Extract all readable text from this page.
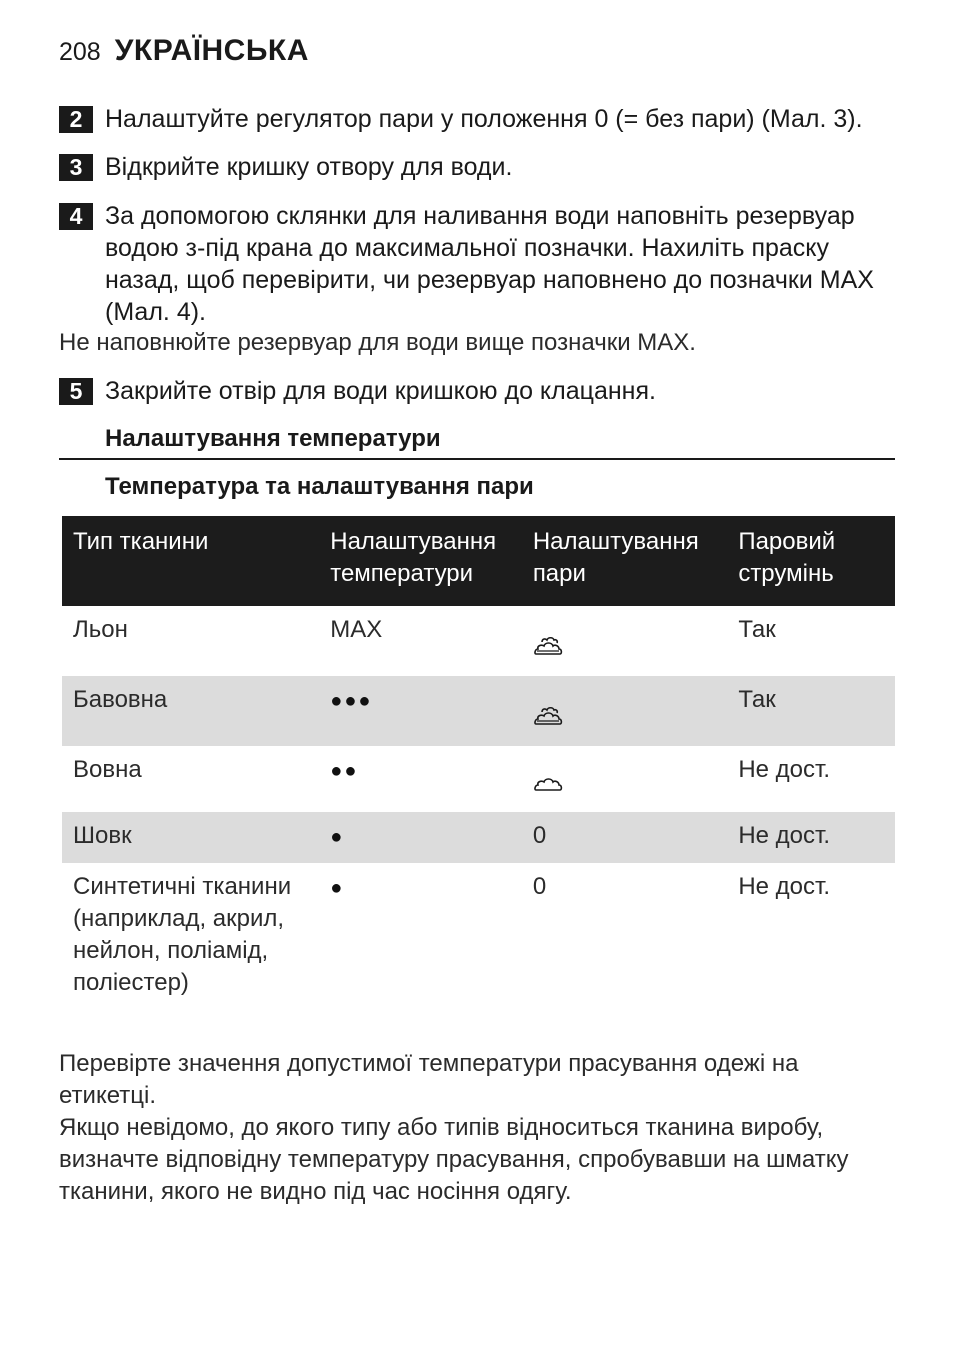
208 УКРАЇНСЬКА
2 Налаштуйте регулятор пари у положення 0 (= без пари) (Мал. 3).
3 Відкрийте кришку отвору для води.
4 За допомогою склянки для наливання води наповніть резервуар водою з-під крана до максимальної позначки. Нахиліть праску назад, щоб перевірити, чи резервуар наповнено до позначки MAX (Мал. 4).
Не наповнюйте резервуар для води вище позначки MAX.
5 Закрийте отвір для води кришкою до клацання.
Налаштування температури
Температура та налаштування пари
Тип тканини	Налаштування температури	Налаштування пари	Паровий струмінь
Льон	MAX		Так
Бавовна	●●●		Так
Вовна	●●		Не дост.
Шовк	●	0	Не дост.
Синтетичні тканини (наприклад, акрил, нейлон, поліамід, поліестер)	●	0	Не дост.
Перевірте значення допустимої температури прасування одежі на етикетці.
Якщо невідомо, до якого типу або типів відноситься тканина виробу, визначте відповідну температуру прасування, спробувавши на шматку тканини, якого не видно під час носіння одягу.
